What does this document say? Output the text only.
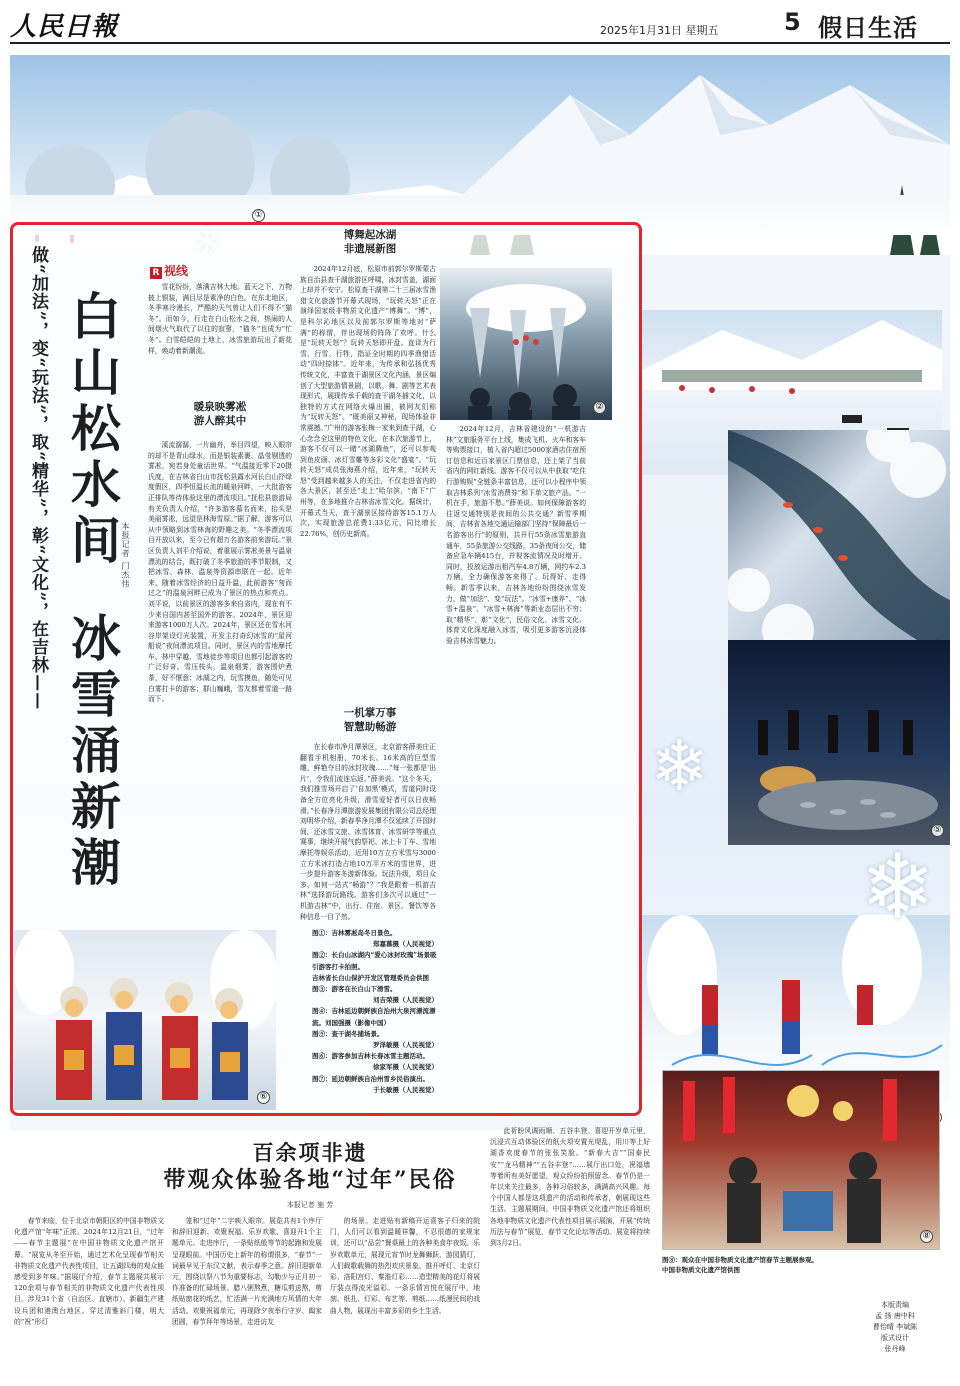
人民日報	2025年1月31日 星期五	5 假日生活
⑤
❄
❄
①
做“加法”，变“玩法”，取“精华”，彰“文化”，在吉林—— 白山松水间
冰雪涌新潮
本报记者 门杰伟
R 视线
雪花纷纷，落满吉林大地。蓝天之下，万物披上银装，满目尽是素净的白色。在东北地区，冬季寒冷漫长，严酷的天气曾让人们不得不“猫冬”。而如今，行走在白山松水之间，热闹的人间烟火气取代了以往的寂寥，“猫冬”也成为“忙冬”。白雪皑皑的土地上，冰雪旅游玩出了新花样，焕动着新潮流。
暖泉映雾凇
游人醉其中
溪流潺潺，一片幽舟，举目四望，映入眼帘的却不是青山绿水，而是银装素裹、晶莹剔透的雾凇，宛若身处童话世界。“气温接近零下20摄氏度，在吉林省白山市抚松县露水河长白山抒绿度假区，四季恒温长流的暖泉河畔，一大批游客正排队等待体验这里的漂流项目。”抚松县旅游局有关负责人介绍，“许多游客慕名而来，抬头是美丽雾凇，远望是林海雪原。”据了解，游客可以从中领略到冰雪林海的野趣之美。“冬季漂流项目开放以来，至今已有超万名游客前来游玩。”景区负责人刘平介绍说，着重展示雾凇美景与温泉漂流的结合，既打破了冬季旅游的季节限制，又把冰雪、森林、温泉等资源串联在一起。近年来，随着冰雪经济的日益升温，此前游客“匆而过之”的温泉河畔已成为了景区的热点和亮点。刘平说，以前景区的游客多来自省内，现在有不少来自国内甚至国外的游客。2024年，景区迎来游客1000万人次。2024年，景区还在雪水河谷岸架设灯光装置，开发主打奇幻冰雪的“星河船说”夜间漂流项目。同时，景区内的雪地摩托车、林中穿越、雪地徒步等项目也都引起游客的广泛好奇。雪压枝头，温泉烟雾，游客围炉煮茶，好不惬意；冰湖之内，玩雪摸鱼，随处可见白雾打卡的游客；群山巍峨，雪友都着雪道一路而下。
博舞起冰湖
非遗展新图
2024年12月底，松原市前郭尔罗斯蒙古族自治县查干湖旅游区呼啸，冰封雪盖，湖面上却并不安宁。松原查干湖第二十三届冰雪渔猎文化旅游节开幕式现场，“玩转天怒”正在演绎国家级非物质文化遗产“博舞”。“博”，是科尔沁地区以及前郭尔罗斯等地对“萨满”的称谓，伴出现场的阵阵了欢呼。什么是“玩转天怒”？玩转天怒即开盘。直译为行雪、行雪、行牲，指证全时期的四季渔猎活动“四时捺钵”。近年来，为传承和弘扬优秀传统文化，丰富查干湖景区文化内涵，景区编创了大型旅游情景剧，以歌、舞、剧等艺术表现形式，展现传承千载的查干湖冬捕文化，以独特的方式在网络火爆出圈，被网友们称为“玩转天怒”。“既美丽又神秘，现场体验非常震撼。”广州的游客张梅一家来到查干湖，心心念念全这里的特色文化。在本次旅游节上，游客不仅可以一睹“冰湖腾鱼”，还可以参观到鱼皮画、冰灯雪雕等多彩文化“盛宴”。“玩转天怒”成员张海燕介绍，近年来，“玩转天怒”受到越来越多人的关注，不仅走进省内的各大景区，甚至还“北上”哈尔滨，“南下”广州等，在多地推介吉林省冰雪文化。据统计，开幕式当天，查干湖景区接待游客15.1万人次，实现旅游总花费1.33亿元，同比增长22.76%，创历史新高。
一机掌万事
智慧助畅游
在长春市净月潭景区，北京游客薛美庄正翻看手机相册，70米长、16米高的巨型雪雕，鲜艳夺目的冰封玫瑰……“每一张都是‘出片’，令我们流连忘返。”薛美说。“这个冬天，我们推雪场开启了‘自加黑’模式，雪道同时设备全方位亮化升级，滑雪爱好者可以日夜畅滑。”长春净月潭旅游发展集团有限公司总经理刘明华介绍，新春季净月潭不仅延续了开园时间，还冰雪文旅、冰雪体育、冰雪研学等重点赛事，继续开展气韵祭祀、冰上卡丁车、雪地摩托等娱乐活动，近用10万立方米雪与3000立方米冰打造占地10万平方米的雪世界，进一步提升游客冬游新体验。玩法升级，项目众多，如何一站式“畅游”？“我是跟着一机游吉林”选择游玩路线。游客们多次可以通过“一机游吉林”中，出行、住宿、景区、餐饮等各种信息一目了然。
2024年12月，吉林省建设的“一机游吉林”文旅服务平台上线，集成飞机、火车和客车等购票接口，植入省内超过5000家酒店住宿预订信息和近百家景区门票信息，还上架了当前省内的网红新线。游客不仅可以从中获取“吃住行游购娱”全链条丰富信息，还可以小程序中领取吉林系列“冰雪消费券”和下单文旅产品。“一机在手，旅游不愁。”薛美说。如何保障游客的往返交通特别是夜间的公共交通？新雪季期间，吉林省各地交通运输部门坚持“保障最后一名游客出行”的原则，共开行55条冰雪旅游直通车，55条旅游公交线路，35条夜间公交，储备应急车辆415台，并视客流情况及时增开。同时，投放运游出租汽车4.8万辆，网约车2.3万辆，全力确保游客来得了、玩得好、走得畅。新雪季以来，吉林各地纷纷围绕冰雪发力，做“加法”、变“玩法”。“冰雪+康养”、“冰雪+温泉”、“冰雪+林海”等新业态层出不穷；取“精华”、彰“文化”，民俗文化、冰雪文化、体育文化深度融入冰雪，吸引更多游客沉浸体验吉林冰雪魅力。
②
⑥
图①：吉林雾凇岛冬日景色。
郑嘉慕摄（人民视觉）
图②：长白山冰湖内“爱心冰封玫瑰”场景吸引游客打卡拍照。
吉林省长白山保护开发区管理委员会供图
图③：游客在长白山下滑雪。
刘吉荣摄（人民视觉）
图④：吉林延边朝鲜族自治州大泉河漂流漂流。刘国强摄（影像中国）
图⑤：查干湖冬捕场景。
罗泽敏摄（人民视觉）
图⑥：游客参加吉林长春冰雪主题活动。
徐家军摄（人民视觉）
图⑦：延边朝鲜族自治州雪乡民俗演出。
于长敏摄（人民视觉）
百余项非遗
带观众体验各地“过年”民俗
本报记者 施 芳
春节来临，位于北京市朝阳区的中国非物质文化遗产馆“年味”正浓。2024年12月21日，“过年——春节主题展”在中国非物质文化遗产馆开幕。“展览从冬至开始，通过艺术化呈现春节相关非物质文化遗产代表性项目，让五湖四海的观众能感受到多年味。”据展厅介绍，春节主题展共展示120余项与春节相关的非物质文化遗产代表性项目，涉及31个省（自治区、直辖市）、新疆生产建设兵团和港澳台地区。穿过清雅斜门楼，明大的“祝”形灯
笼和“过年”二字映入眼帘。展览共有1个序厅和辞旧迎新、欢聚祝福、乐岁欢歌、喜迎开1个主题单元。走进序厅，一条贴纸般等节的起跑和发展呈现眼前。中国历史上新年的称谓很多，“春节”一词最早见于东汉文献，表示春季之意。辞旧迎新单元，围绕以祭八节为重要标志，勾勒少与正月初一作准备的忙碌场景。腊八粥熬煮，糖瓜剪送熬，剪纸贴窗花的纸艺，忙活满一片充满地方风情的大年活动。欢聚祝福单元，再现除夕夜举行守岁、阖家团圆，春节拜年等场景，走进访友
的场景。走进贴有新稿开运喜客子归来的院门，人们可以看到温暖祥馨，不忍很德的家规家训，还可以“品尝”餐桌最上的各种美食年夜饭。乐岁欢歌单元，展现元宵节时龙舞狮跃、游园猜灯，人们载歌载舞的热烈欢庆景象。推开呼灯、北京灯彩、洛阳宫灯、秦淮灯彩……造型精美的花灯将展厅装点得流光溢彩。一条乐情宫悦在展厅中，地刻、纸扎、灯彩、布艺等、剪纸……纸漫民间的戏曲人物，展现出丰富多彩的乡土生活。
此祈盼风调雨顺、五谷丰登。喜迎开岁单元里，沉浸式互动体验区的纸火项安置光堤乱，用川等上好湖香欢度春节的张张笑脸。“新春大吉”“国泰民安”“龙马精神”“五谷丰登”……展厅出口处，祝福墙等着所有美好愿望，观众纷纷拍照留念。春节仍是一年以来关注最多，各种习俗较多，满满高兴风趣。每个中国人都是这项遗产的活动和传承者，朝展现这些生活。主题展期间，中国非物质文化遗产馆还将组织各地非物质文化遗产代表性项目展示展演，开展“传统历法与春节”展览，春节文化论坛等活动。展览将持续到3月2日。
⑧
图⑧：观众在中国非物质文化遗产馆春节主题展参观。
中国非物质文化遗产馆供图
本版责编
孟 扬 唐中科
曹怡晴 李斌陈
版式设计
张丹峰
